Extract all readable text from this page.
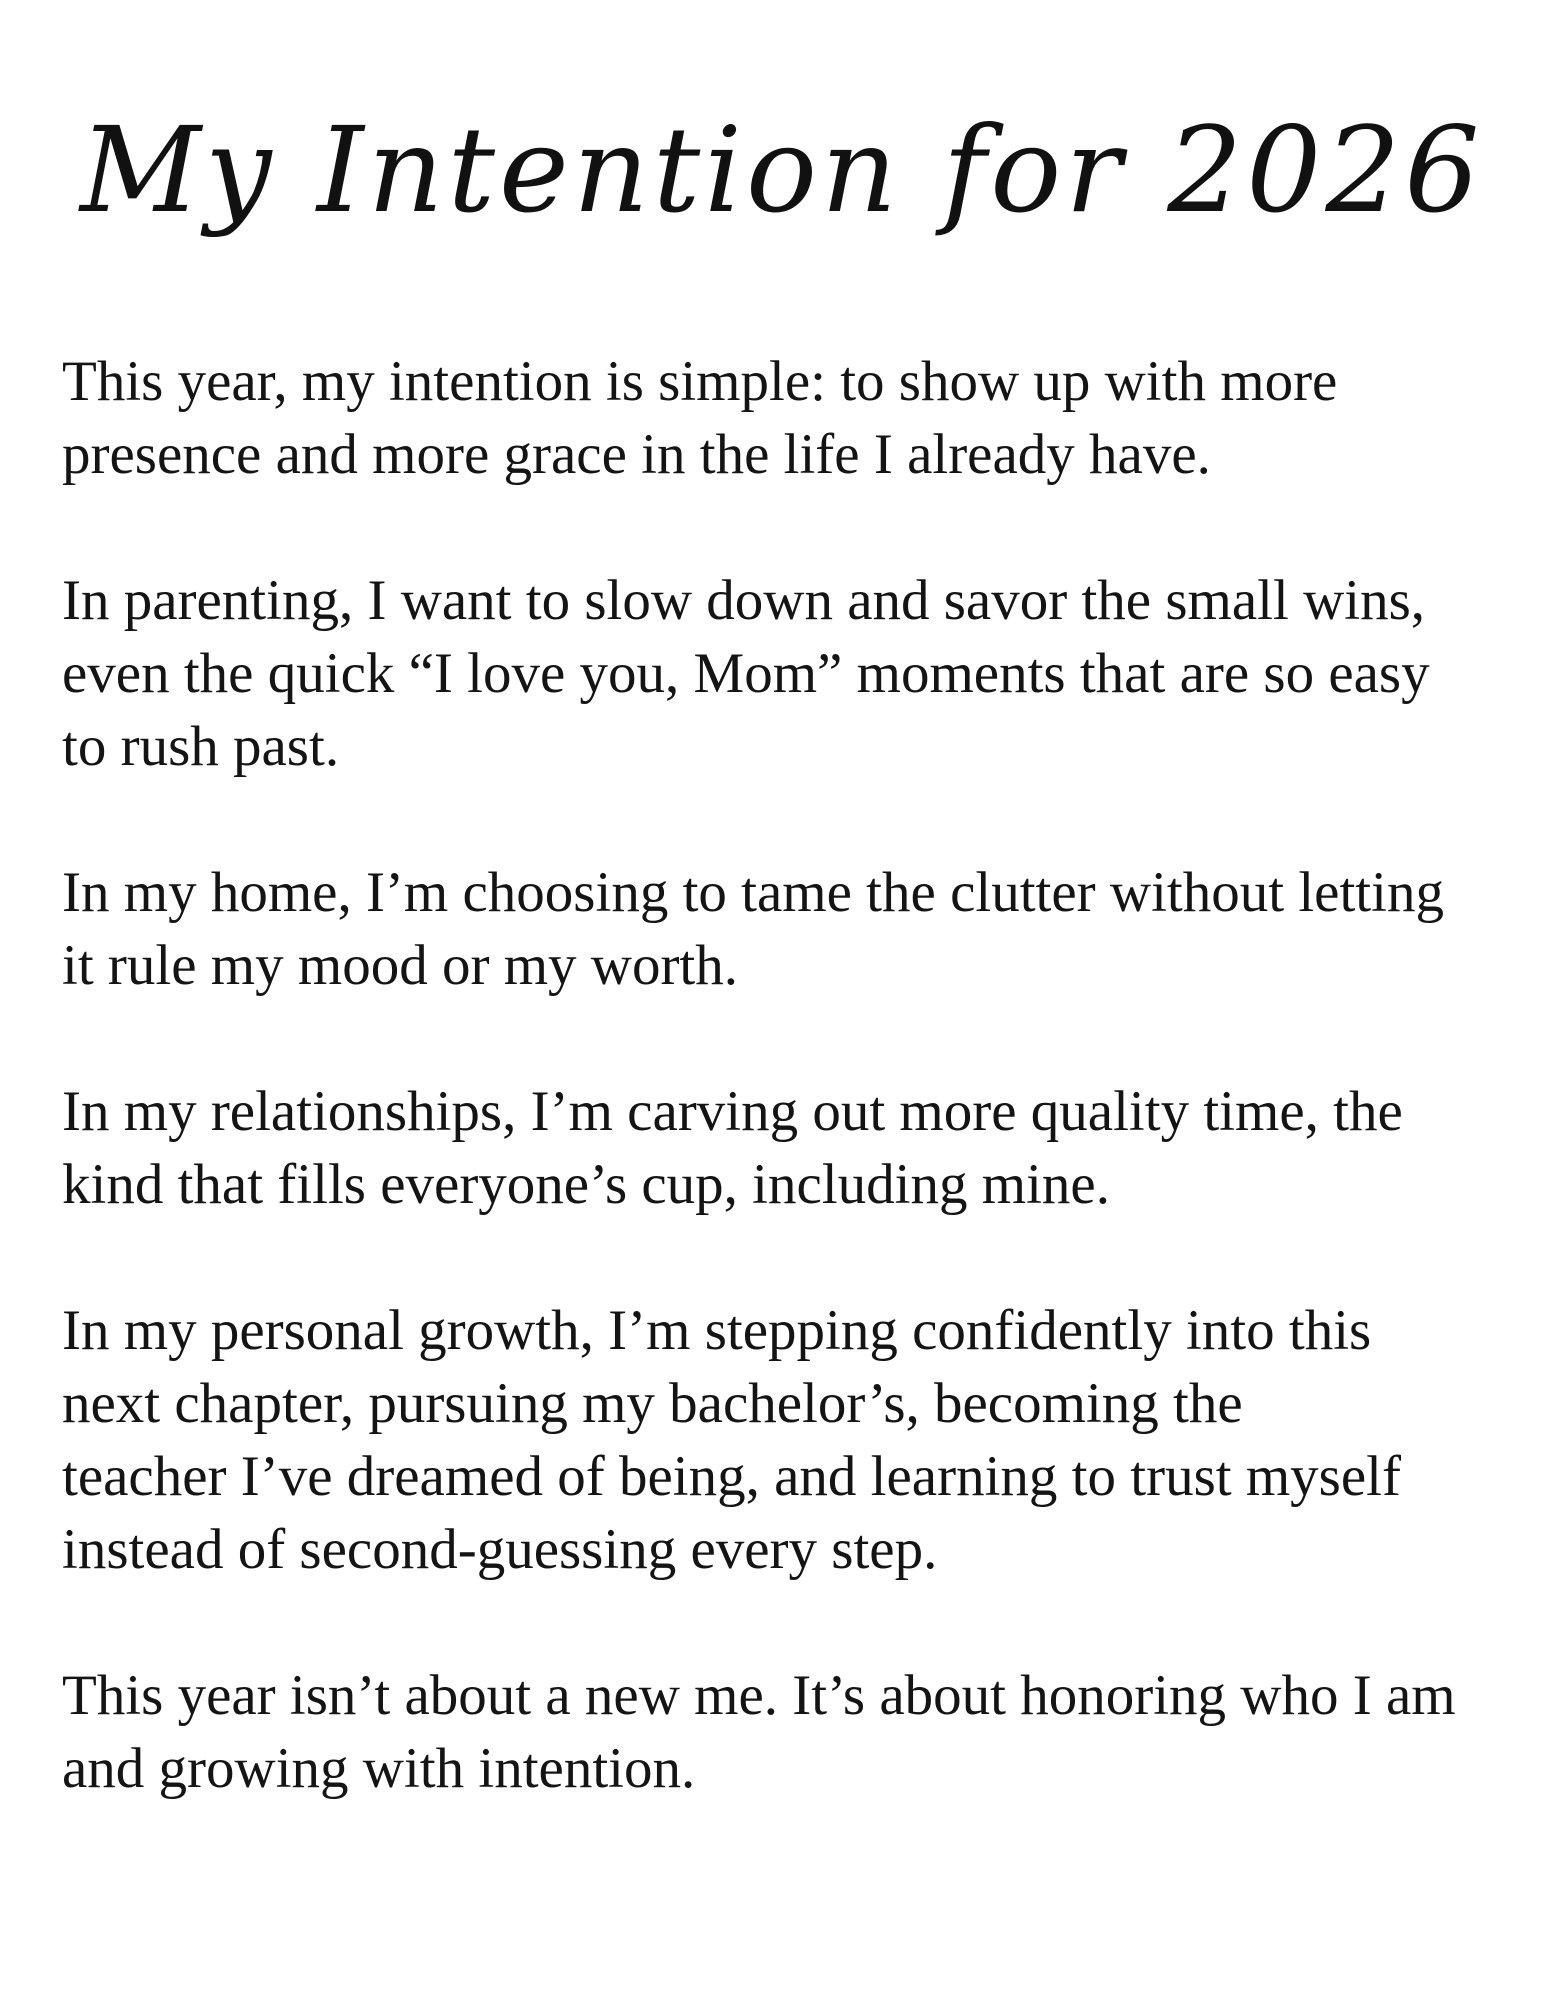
My Intention for 2026

This year, my intention is simple: to show up with more
presence and more grace in the life I already have.

In parenting, I want to slow down and savor the small wins,
even the quick “I love you, Mom” moments that are so easy
to rush past.

In my home, I’m choosing to tame the clutter without letting
it rule my mood or my worth.

In my relationships, I’m carving out more quality time, the
kind that fills everyone’s cup, including mine.

In my personal growth, I’m stepping confidently into this
next chapter, pursuing my bachelor’s, becoming the
teacher I’ve dreamed of being, and learning to trust myself
instead of second-guessing every step.

This year isn’t about a new me. It’s about honoring who I am
and growing with intention.
